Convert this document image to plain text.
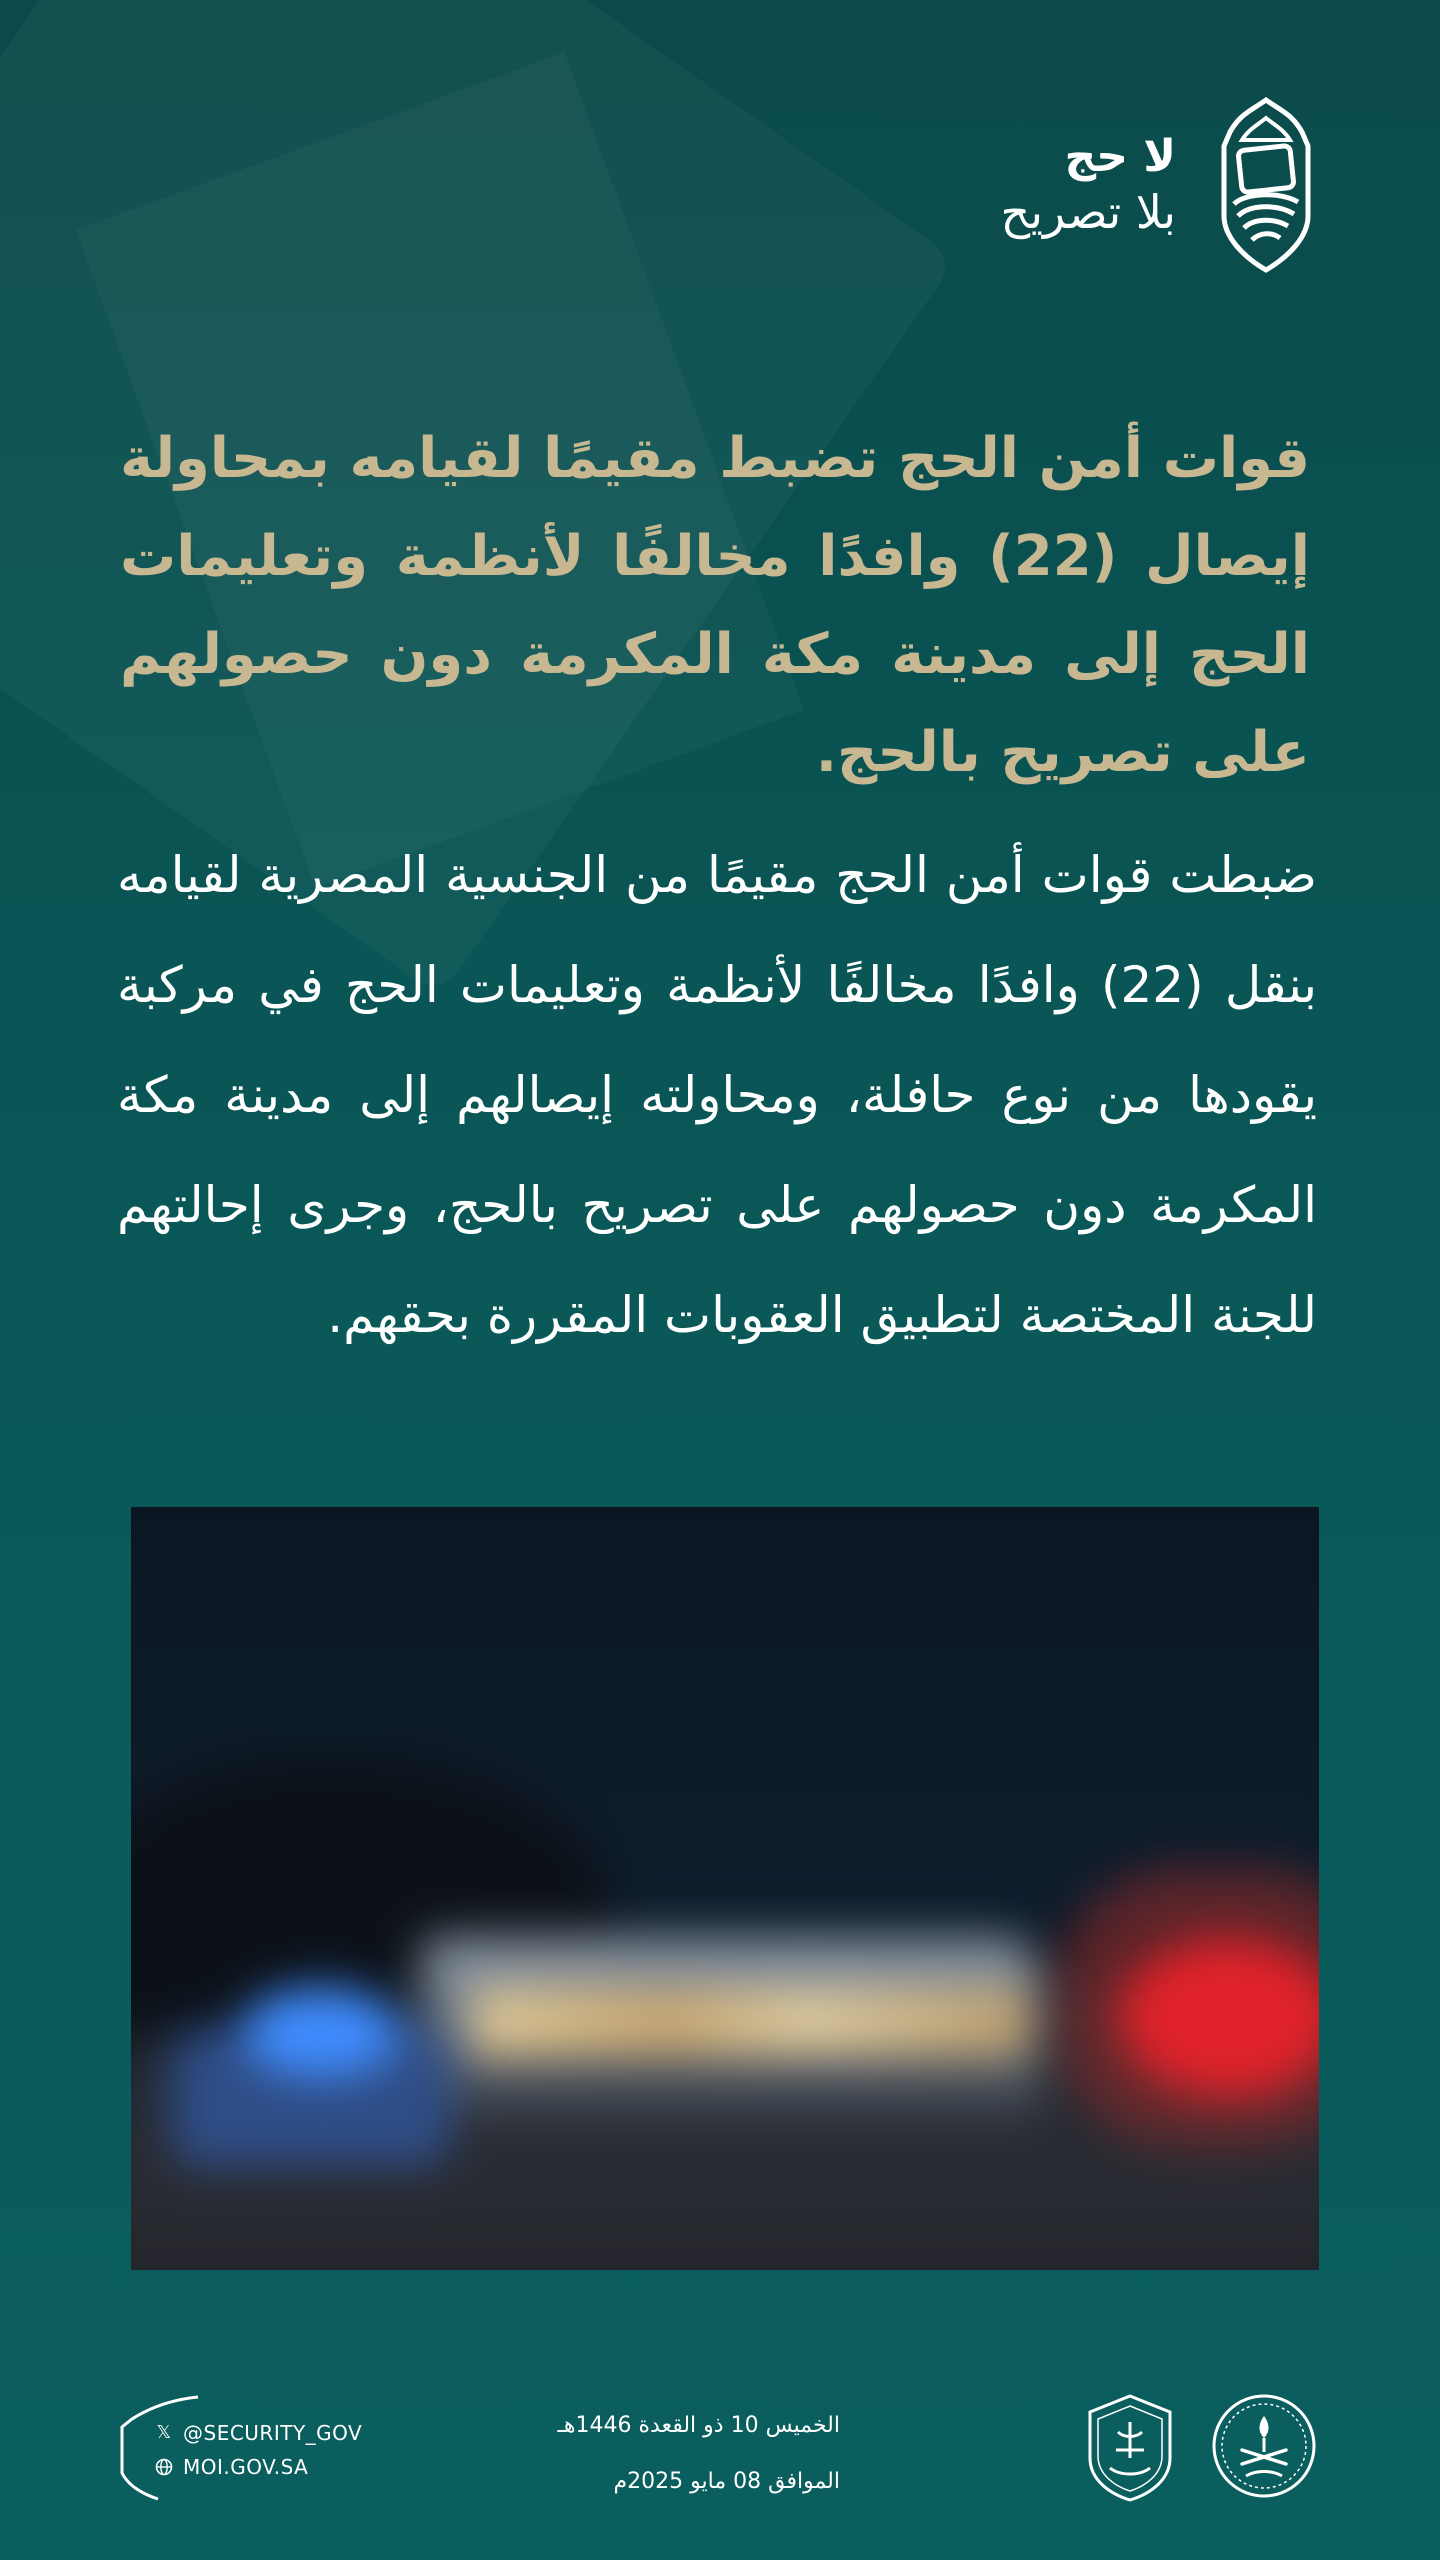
لا حج
بلا تصريح
قوات أمن الحج تضبط مقيمًا لقيامه بمحاولة إيصال (22) وافدًا مخالفًا لأنظمة وتعليمات الحج إلى مدينة مكة المكرمة دون حصولهم على تصريح بالحج.
ضبطت قوات أمن الحج مقيمًا من الجنسية المصرية لقيامه بنقل (22) وافدًا مخالفًا لأنظمة وتعليمات الحج في مركبة يقودها من نوع حافلة، ومحاولته إيصالهم إلى مدينة مكة المكرمة دون حصولهم على تصريح بالحج، وجرى إحالتهم للجنة المختصة لتطبيق العقوبات المقررة بحقهم.
𝕏 @SECURITY_GOV
MOI.GOV.SA
الخميس 10 ذو القعدة 1446هـ
الموافق 08 مايو 2025م
